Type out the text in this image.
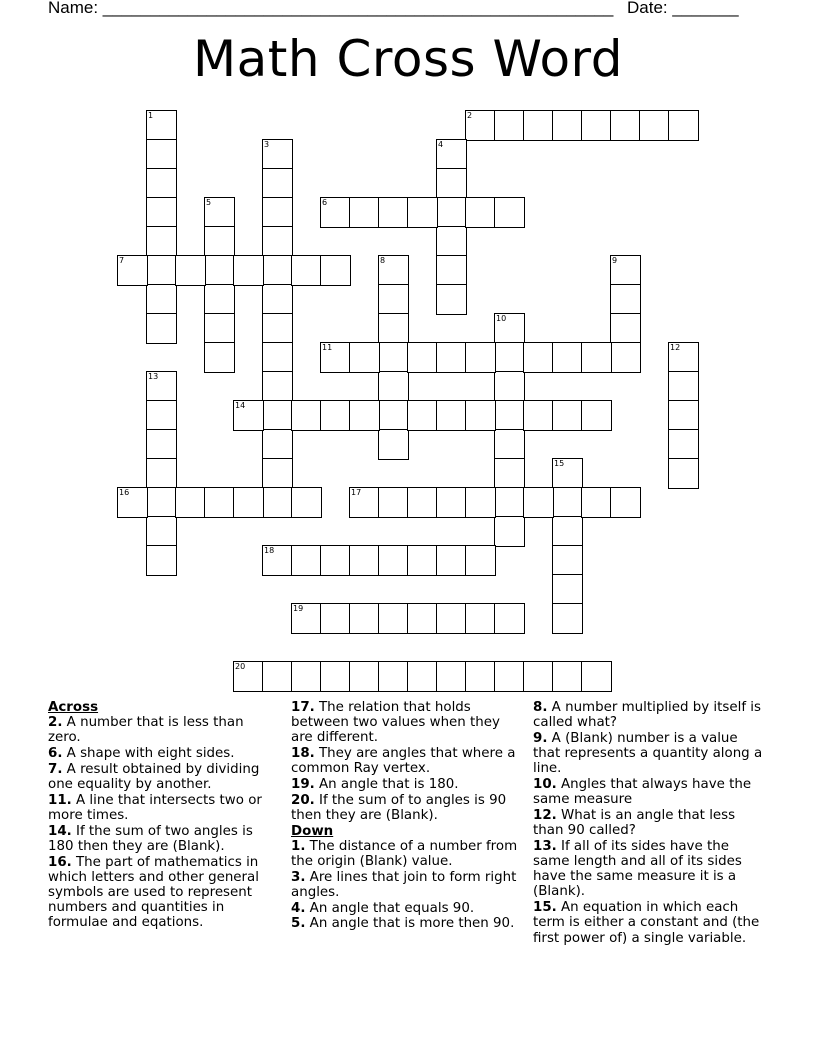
Name: ______________________________________________________ Date: _______
Math Cross Word
1	2
3	4
5	6
7	8	9
10
11	12
13
14
15
16	17
18
19
20
Across
2. A number that is less than zero.
6. A shape with eight sides.
7. A result obtained by dividing one equality by another.
11. A line that intersects two or more times.
14. If the sum of two angles is 180 then they are (Blank).
16. The part of mathematics in which letters and other general symbols are used to represent numbers and quantities in formulae and eqations.
17. The relation that holds between two values when they are different.
18. They are angles that where a common Ray vertex.
19. An angle that is 180.
20. If the sum of to angles is 90 then they are (Blank).
Down
1. The distance of a number from the origin (Blank) value.
3. Are lines that join to form right angles.
4. An angle that equals 90.
5. An angle that is more then 90.
8. A number multiplied by itself is called what?
9. A (Blank) number is a value that represents a quantity along a line.
10. Angles that always have the same measure
12. What is an angle that less than 90 called?
13. If all of its sides have the same length and all of its sides have the same measure it is a (Blank).
15. An equation in which each term is either a constant and (the first power of) a single variable.
